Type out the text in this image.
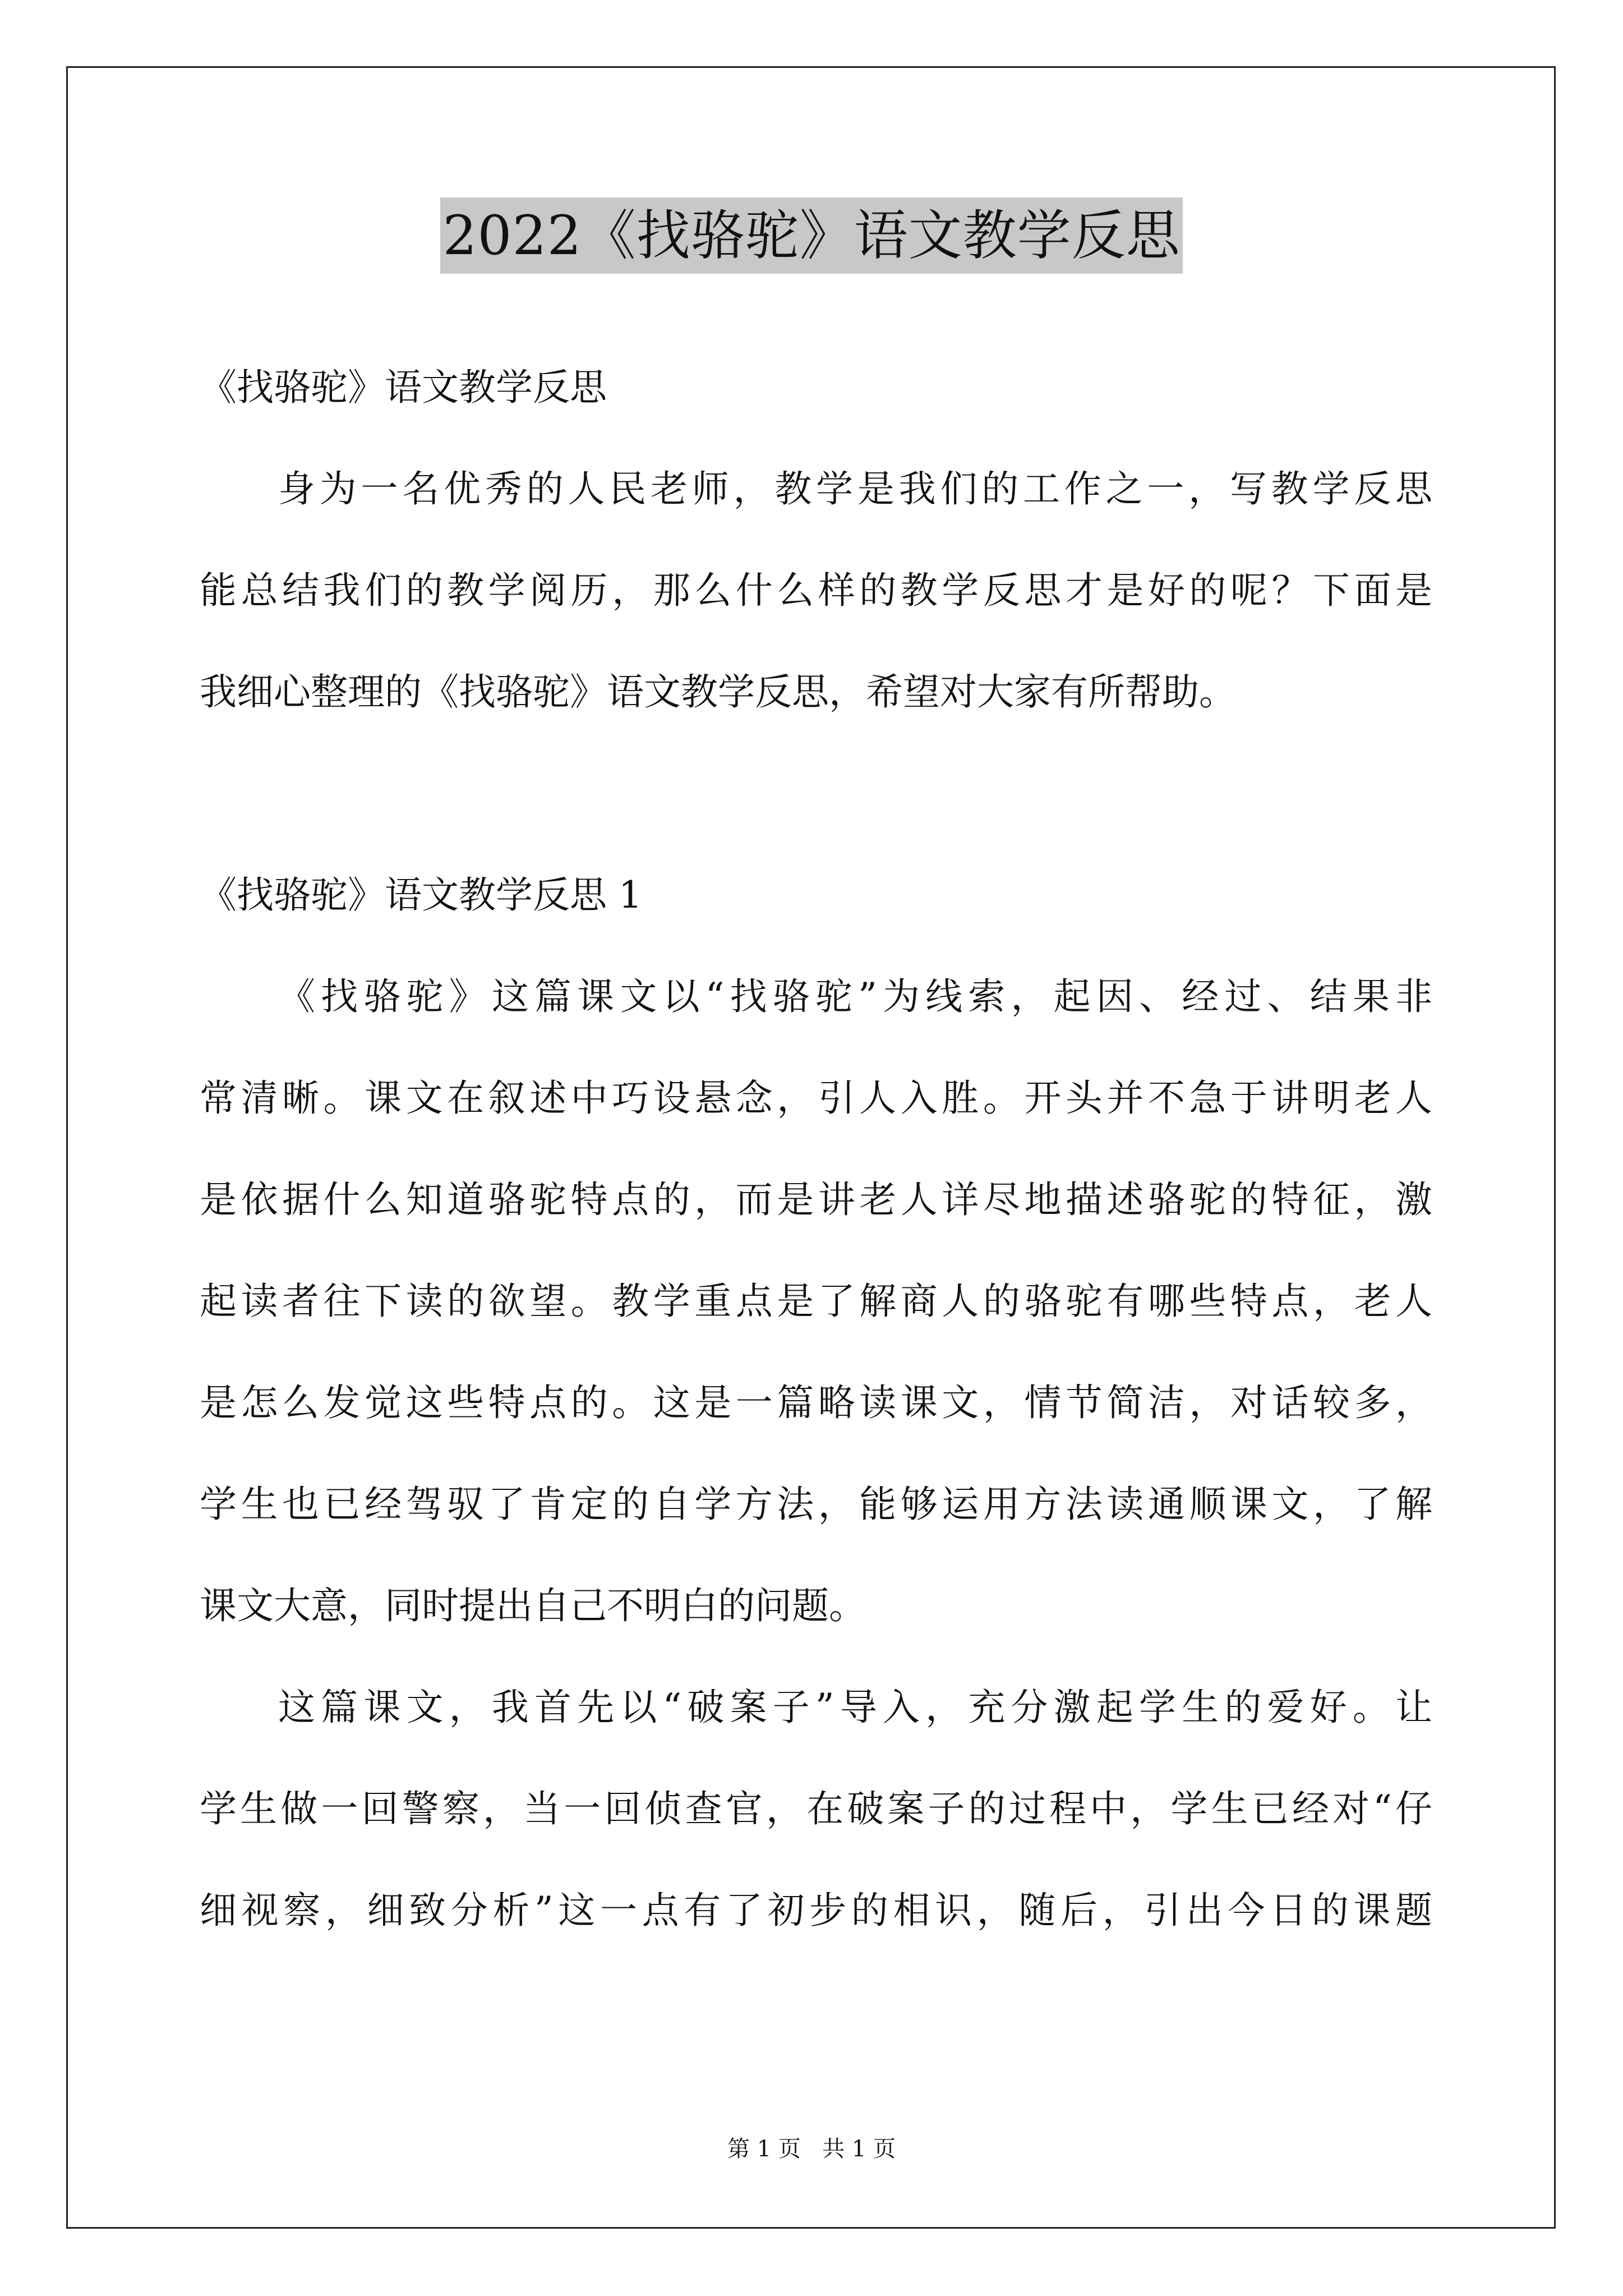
2022《找骆驼》语文教学反思
《找骆驼》语文教学反思
身为一名优秀的人民老师，教学是我们的工作之一，写教学反思
能总结我们的教学阅历，那么什么样的教学反思才是好的呢？下面是
我细心整理的《找骆驼》语文教学反思，希望对大家有所帮助。
《找骆驼》语文教学反思 1
《找骆驼》这篇课文以“找骆驼”为线索，起因、经过、结果非
常清晰。课文在叙述中巧设悬念，引人入胜。开头并不急于讲明老人
是依据什么知道骆驼特点的，而是讲老人详尽地描述骆驼的特征，激
起读者往下读的欲望。教学重点是了解商人的骆驼有哪些特点，老人
是怎么发觉这些特点的。这是一篇略读课文，情节简洁，对话较多，
学生也已经驾驭了肯定的自学方法，能够运用方法读通顺课文，了解
课文大意，同时提出自己不明白的问题。
这篇课文，我首先以“破案子”导入，充分激起学生的爱好。让
学生做一回警察，当一回侦查官，在破案子的过程中，学生已经对“仔
细视察，细致分析”这一点有了初步的相识，随后，引出今日的课题
第 1 页   共 1 页
